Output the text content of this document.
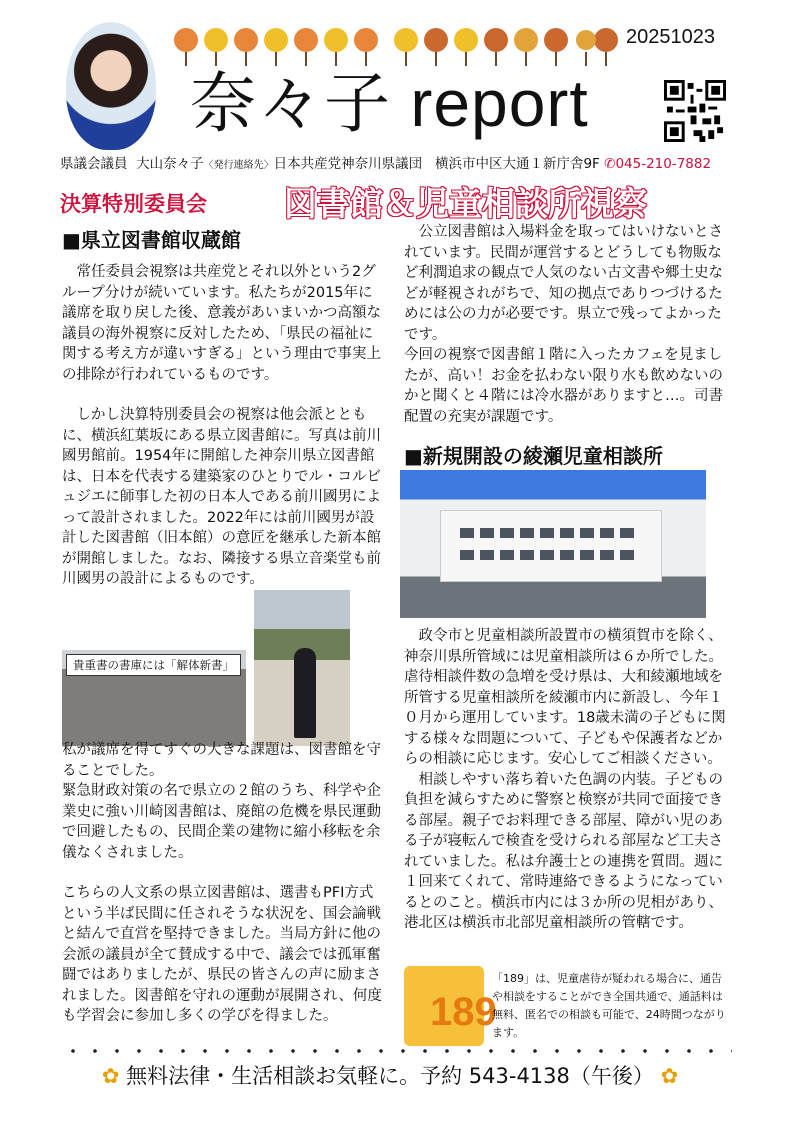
20251023
奈々子 report
県議会議員 大山奈々子〈発行連絡先〉日本共産党神奈川県議団 横浜市中区大通１新庁舎9F ✆045-210-7882
決算特別委員会 図書館＆児童相談所視察
■県立図書館収蔵館

常任委員会視察は共産党とそれ以外という2グループ分けが続いています。私たちが2015年に議席を取り戻した後、意義があいまいかつ高額な議員の海外視察に反対したため、「県民の福祉に関する考え方が違いすぎる」という理由で事実上の排除が行われているものです。

しかし決算特別委員会の視察は他会派とともに、横浜紅葉坂にある県立図書館に。写真は前川國男館前。1954年に開館した神奈川県立図書館は、日本を代表する建築家のひとりでル・コルビュジエに師事した初の日本人である前川國男によって設計されました。2022年には前川國男が設計した図書館（旧本館）の意匠を継承した新本館が開館しました。なお、隣接する県立音楽堂も前川國男の設計によるものです。

貴重書の書庫には「解体新書」

私が議席を得てすぐの大きな課題は、図書館を守ることでした。

緊急財政対策の名で県立の２館のうち、科学や企業史に強い川崎図書館は、廃館の危機を県民運動で回避したもの、民間企業の建物に縮小移転を余儀なくされました。

こちらの人文系の県立図書館は、選書もPFI方式という半ば民間に任されそうな状況を、国会論戦と結んで直営を堅持できました。当局方針に他の会派の議員が全て賛成する中で、議会では孤軍奮闘ではありましたが、県民の皆さんの声に励まされました。図書館を守れの運動が展開され、何度も学習会に参加し多くの学びを得ました。

公立図書館は入場料金を取ってはいけないとされています。民間が運営するとどうしても物販など利潤追求の観点で人気のない古文書や郷土史などが軽視されがちで、知の拠点でありつづけるためには公の力が必要です。県立で残ってよかったです。

今回の視察で図書館１階に入ったカフェを見ましたが、高い！お金を払わない限り水も飲めないのかと聞くと４階には冷水器がありますと…。司書配置の充実が課題です。

■新規開設の綾瀬児童相談所

政令市と児童相談所設置市の横須賀市を除く、神奈川県所管域には児童相談所は６か所でした。虐待相談件数の急増を受け県は、大和綾瀬地域を所管する児童相談所を綾瀬市内に新設し、今年１０月から運用しています。18歳未満の子どもに関する様々な問題について、子どもや保護者などからの相談に応じます。安心してご相談ください。

相談しやすい落ち着いた色調の内装。子どもの負担を減らすために警察と検察が共同で面接できる部屋。親子でお料理できる部屋、障がい児のある子が寝転んで検査を受けられる部屋など工夫されていました。私は弁護士との連携を質問。週に１回来てくれて、常時連絡できるようになっているとのこと。横浜市内には３か所の児相があり、港北区は横浜市北部児童相談所の管轄です。

189
「189」は、児童虐待が疑われる場合に、通告や相談をすることができ全国共通で、通話料は無料、匿名での相談も可能で、24時間つながります。
✿ 無料法律・生活相談お気軽に。予約 543-4138（午後） ✿
